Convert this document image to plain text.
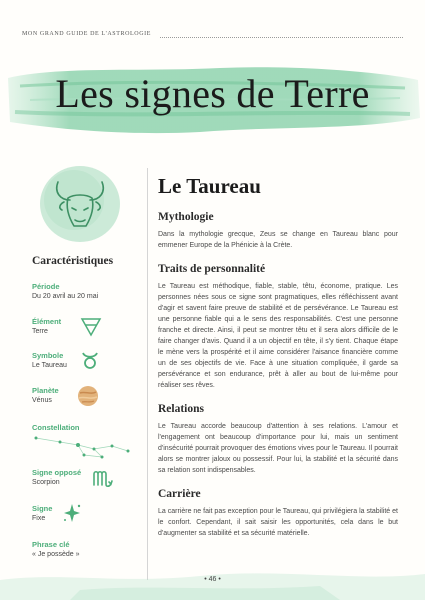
MON GRAND GUIDE DE L'ASTROLOGIE
Les signes de Terre
Caractéristiques
Période
Du 20 avril au 20 mai
Élément
Terre
Symbole
Le Taureau
Planète
Vénus
Constellation
Signe opposé
Scorpion
Signe
Fixe
Phrase clé
« Je possède »
Le Taureau
Mythologie
Dans la mythologie grecque, Zeus se change en Taureau blanc pour emmener Europe de la Phénicie à la Crète.
Traits de personnalité
Le Taureau est méthodique, fiable, stable, têtu, économe, pratique. Les personnes nées sous ce signe sont pragmatiques, elles réfléchissent avant d'agir et savent faire preuve de stabilité et de persévérance. Le Taureau est une personne fiable qui a le sens des responsabilités. C'est une personne franche et directe. Ainsi, il peut se montrer têtu et il sera alors difficile de le faire changer d'avis. Quand il a un objectif en tête, il s'y tient. Chaque étape le mène vers la prospérité et il aime considérer l'aisance financière comme un de ses objectifs de vie. Face à une situation compliquée, il garde sa persévérance et son endurance, prêt à aller au bout de lui-même pour réaliser ses rêves.
Relations
Le Taureau accorde beaucoup d'attention à ses relations. L'amour et l'engagement ont beaucoup d'importance pour lui, mais un sentiment d'insécurité pourrait provoquer des émotions vives pour le Taureau. Il pourrait alors se montrer jaloux ou possessif. Pour lui, la stabilité et la sécurité dans sa relation sont indispensables.
Carrière
La carrière ne fait pas exception pour le Taureau, qui privilégiera la stabilité et le confort. Cependant, il sait saisir les opportunités, cela dans le but d'augmenter sa stabilité et sa sécurité matérielle.
• 46 •
